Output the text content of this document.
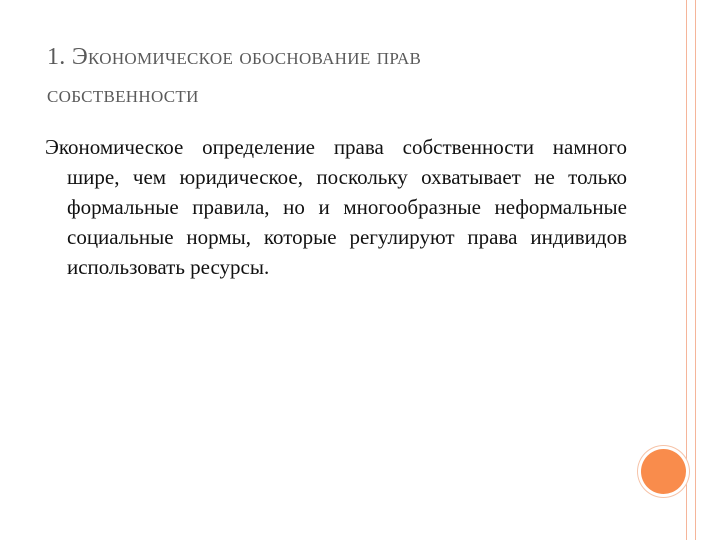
1. Экономическое обоснование прав
собственности
Экономическое определение права собственности намного шире, чем юридическое, поскольку охватывает не только формальные правила, но и многообразные неформальные социальные нормы, которые регулируют права индивидов использовать ресурсы.
